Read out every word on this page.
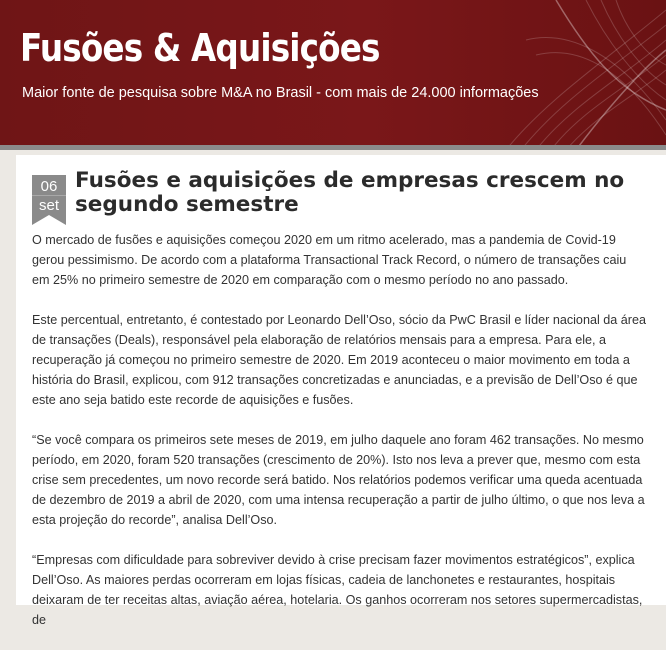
Fusões & Aquisições
Maior fonte de pesquisa sobre M&A no Brasil - com mais de 24.000 informações
06
set
Fusões e aquisições de empresas crescem no segundo semestre

O mercado de fusões e aquisições começou 2020 em um ritmo acelerado, mas a pandemia de Covid-19 gerou pessimismo. De acordo com a plataforma Transactional Track Record, o número de transações caiu em 25% no primeiro semestre de 2020 em comparação com o mesmo período no ano passado.

Este percentual, entretanto, é contestado por Leonardo Dell’Oso, sócio da PwC Brasil e líder nacional da área de transações (Deals), responsável pela elaboração de relatórios mensais para a empresa. Para ele, a recuperação já começou no primeiro semestre de 2020. Em 2019 aconteceu o maior movimento em toda a história do Brasil, explicou, com 912 transações concretizadas e anunciadas, e a previsão de Dell’Oso é que este ano seja batido este recorde de aquisições e fusões.

“Se você compara os primeiros sete meses de 2019, em julho daquele ano foram 462 transações. No mesmo período, em 2020, foram 520 transações (crescimento de 20%). Isto nos leva a prever que, mesmo com esta crise sem precedentes, um novo recorde será batido. Nos relatórios podemos verificar uma queda acentuada de dezembro de 2019 a abril de 2020, com uma intensa recuperação a partir de julho último, o que nos leva a esta projeção do recorde”, analisa Dell’Oso.

“Empresas com dificuldade para sobreviver devido à crise precisam fazer movimentos estratégicos”, explica Dell’Oso. As maiores perdas ocorreram em lojas físicas, cadeia de lanchonetes e restaurantes, hospitais deixaram de ter receitas altas, aviação aérea, hotelaria. Os ganhos ocorreram nos setores supermercadistas, de
